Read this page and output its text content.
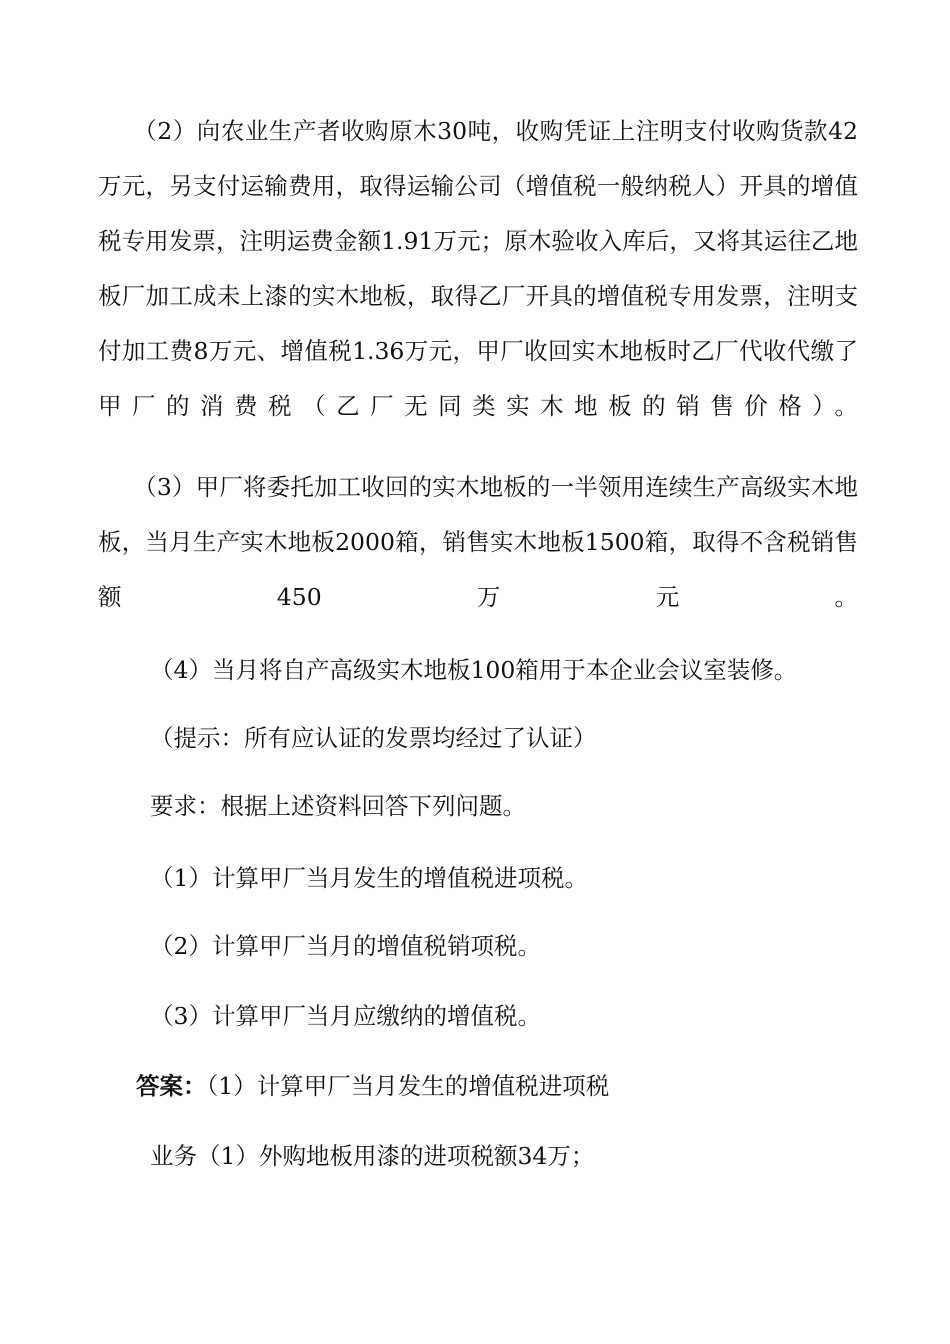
（2）向农业生产者收购原木30吨，收购凭证上注明支付收购货款42万元，另支付运输费用，取得运输公司（增值税一般纳税人）开具的增值税专用发票，注明运费金额1.91万元；原木验收入库后，又将其运往乙地板厂加工成未上漆的实木地板，取得乙厂开具的增值税专用发票，注明支付加工费8万元、增值税1.36万元，甲厂收回实木地板时乙厂代收代缴了甲厂的消费税（乙厂无同类实木地板的销售价格）。

（3）甲厂将委托加工收回的实木地板的一半领用连续生产高级实木地板，当月生产实木地板2000箱，销售实木地板1500箱，取得不含税销售额450万元。

（4）当月将自产高级实木地板100箱用于本企业会议室装修。

（提示：所有应认证的发票均经过了认证）

要求：根据上述资料回答下列问题。

（1）计算甲厂当月发生的增值税进项税。

（2）计算甲厂当月的增值税销项税。

（3）计算甲厂当月应缴纳的增值税。

答案：（1）计算甲厂当月发生的增值税进项税

业务（1）外购地板用漆的进项税额34万；
